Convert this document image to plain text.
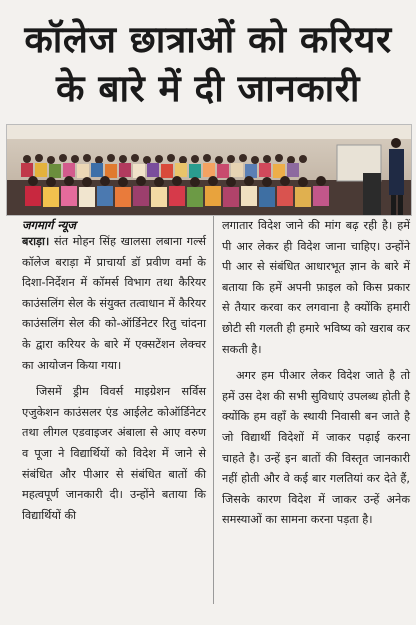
कॉलेज छात्राओं को करियर
के बारे में दी जानकारी
जगमार्ग न्यूज

बराड़ा। संत मोहन सिंह खालसा लबाना गर्ल्स कॉलेज बराड़ा में प्राचार्या डॉ प्रवीण वर्मा के दिशा-निर्देशन में कॉमर्स विभाग तथा कैरियर काउंसलिंग सेल के संयुक्त तत्वाधान में कैरियर काउंसलिंग सेल की को-ऑर्डिनेटर रितु चांदना के द्वारा करियर के बारे में एक्सटेंशन लेक्चर का आयोजन किया गया।

जिसमें ड्रीम विवर्स माइग्रेशन सर्विस एजुकेशन काउंसलर एंड आईलेट कोऑर्डिनेटर तथा लीगल एडवाइजर अंबाला से आए वरुण व पूजा ने विद्यार्थियों को विदेश में जाने से संबंधित और पीआर से संबंधित बातों की महत्वपूर्ण जानकारी दी। उन्होंने बताया कि विद्यार्थियों की

लगातार विदेश जाने की मांग बढ़ रही है। हमें पी आर लेकर ही विदेश जाना चाहिए। उन्होंने पी आर से संबंधित आधारभूत ज्ञान के बारे में बताया कि हमें अपनी फ़ाइल को किस प्रकार से तैयार करवा कर लगवाना है क्योंकि हमारी छोटी सी गलती ही हमारे भविष्य को खराब कर सकती है।

अगर हम पीआर लेकर विदेश जाते है तो हमें उस देश की सभी सुविधाएं उपलब्ध होती है क्योंकि हम वहाँ के स्थायी निवासी बन जाते है जो विद्यार्थी विदेशों में जाकर पढ़ाई करना चाहते है। उन्हें इन बातों की विस्तृत जानकारी नहीं होती और वे कई बार गलतियां कर देते हैं, जिसके कारण विदेश में जाकर उन्हें अनेक समस्याओं का सामना करना पड़ता है।
